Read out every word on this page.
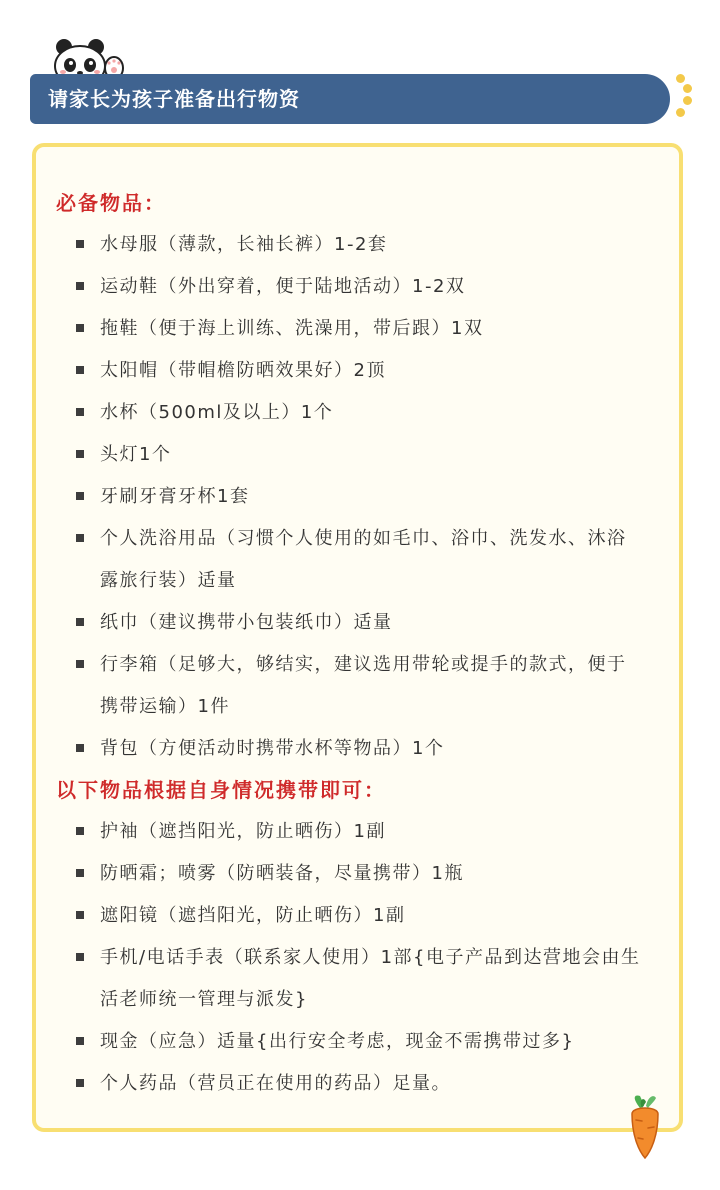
请家长为孩子准备出行物资
必备物品：
水母服（薄款，长袖长裤）1-2套
运动鞋（外出穿着，便于陆地活动）1-2双
拖鞋（便于海上训练、洗澡用，带后跟）1双
太阳帽（带帽檐防晒效果好）2顶
水杯（500ml及以上）1个
头灯1个
牙刷牙膏牙杯1套
个人洗浴用品（习惯个人使用的如毛巾、浴巾、洗发水、沐浴露旅行装）适量
纸巾（建议携带小包装纸巾）适量
行李箱（足够大，够结实，建议选用带轮或提手的款式，便于携带运输）1件
背包（方便活动时携带水杯等物品）1个
以下物品根据自身情况携带即可：
护袖（遮挡阳光，防止晒伤）1副
防晒霜；喷雾（防晒装备，尽量携带）1瓶
遮阳镜（遮挡阳光，防止晒伤）1副
手机/电话手表（联系家人使用）1部{电子产品到达营地会由生活老师统一管理与派发}
现金（应急）适量{出行安全考虑，现金不需携带过多}
个人药品（营员正在使用的药品）足量。
